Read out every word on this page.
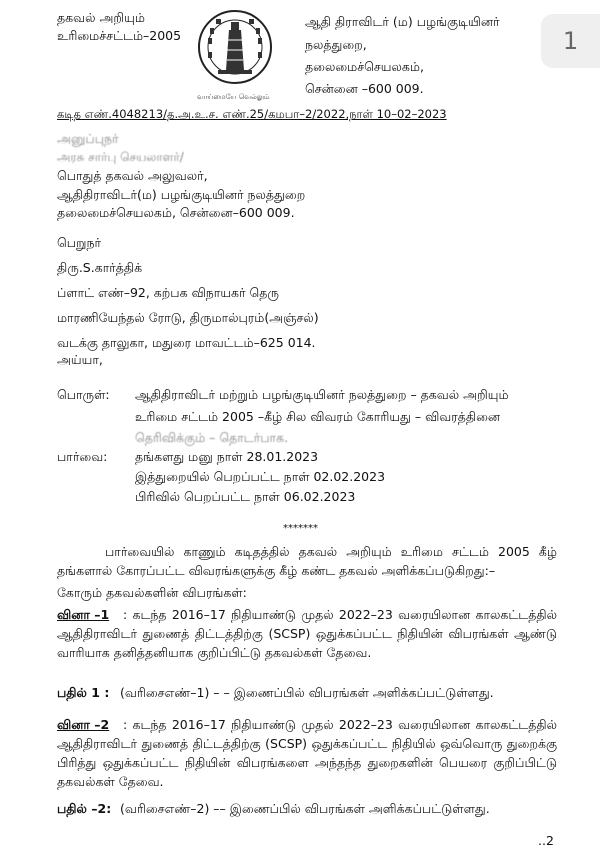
1
தகவல் அறியும்
உரிமைச்சட்டம்–2005
வாய்மையே வெல்லும்
ஆதி திராவிடர் (ம) பழங்குடியினர்
நலத்துறை,
தலைமைச்செயலகம்,
சென்னை –600 009.
கடித எண்.4048213/த.அ.உ.ச. எண்.25/கமபா–2/2022,நாள் 10–02–2023
அனுப்புநர்
அரசு சார்பு செயலாளர்/
பொதுத் தகவல் அலுவலர்,
ஆதிதிராவிடர்(ம) பழங்குடியினர் நலத்துறை
தலைமைச்செயலகம், சென்னை–600 009.
பெறுநர்
திரு.S.கார்த்திக்
ப்ளாட் எண்–92, கற்பக விநாயகர் தெரு
மாரணியேந்தல் ரோடு, திருமால்புரம்(அஞ்சல்)
வடக்கு தாலுகா, மதுரை மாவட்டம்–625 014.
அய்யா,
பொருள்: ஆதிதிராவிடர் மற்றும் பழங்குடியினர் நலத்துறை – தகவல் அறியும்
உரிமை சட்டம் 2005 –கீழ் சில விவரம் கோரியது – விவரத்தினை
தெரிவிக்கும் – தொடர்பாக.
பார்வை: தங்களது மனு நாள் 28.01.2023
இத்துறையில் பெறப்பட்ட நாள் 02.02.2023
பிரிவில் பெறப்பட்ட நாள் 06.02.2023
*******
பார்வையில் காணும் கடிதத்தில் தகவல் அறியும் உரிமை சட்டம் 2005 கீழ் தங்களால் கோரப்பட்ட விவரங்களுக்கு கீழ் கண்ட தகவல் அளிக்கப்படுகிறது:–
கோரும் தகவல்களின் விபரங்கள்:
வினா –1	: கடந்த 2016–17 நிதியாண்டு முதல் 2022–23 வரையிலான காலகட்டத்தில் ஆதிதிராவிடர் துணைத் திட்டத்திற்கு (SCSP) ஒதுக்கப்பட்ட நிதியின் விபரங்கள் ஆண்டு வாரியாக தனித்தனியாக குறிப்பிட்டு தகவல்கள் தேவை.
பதில் 1 : (வரிசைஎண்–1) – – இணைப்பில் விபரங்கள் அளிக்கப்பட்டுள்ளது.
வினா –2	: கடந்த 2016–17 நிதியாண்டு முதல் 2022–23 வரையிலான காலகட்டத்தில் ஆதிதிராவிடர் துணைத் திட்டத்திற்கு (SCSP) ஒதுக்கப்பட்ட நிதியில் ஒவ்வொரு துறைக்கு பிரித்து ஒதுக்கப்பட்ட நிதியின் விபரங்களை அந்தந்த துறைகளின் பெயரை குறிப்பிட்டு தகவல்கள் தேவை.
பதில் –2: (வரிசைஎண்–2) –– இணைப்பில் விபரங்கள் அளிக்கப்பட்டுள்ளது.
..2
